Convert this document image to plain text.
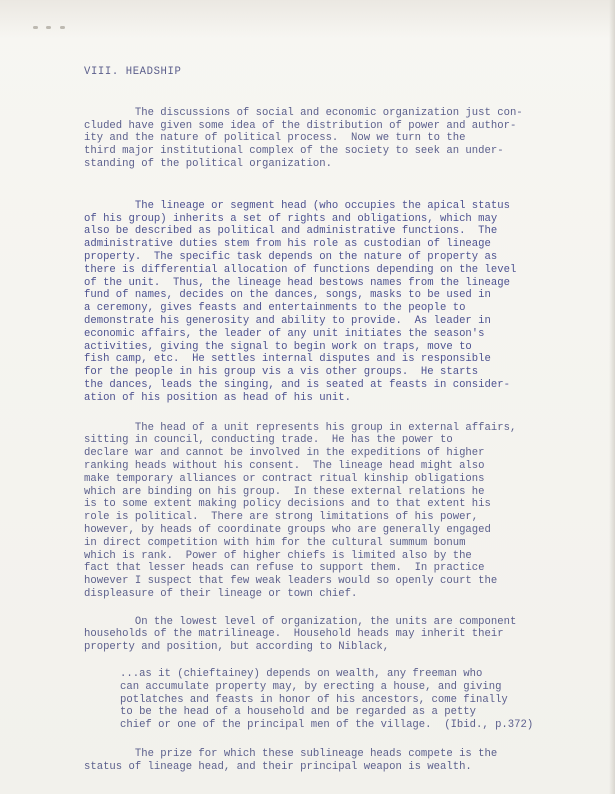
VIII. HEADSHIP
The discussions of social and economic organization just con-
cluded have given some idea of the distribution of power and author-
ity and the nature of political process.  Now we turn to the
third major institutional complex of the society to seek an under-
standing of the political organization.
The lineage or segment head (who occupies the apical status
of his group) inherits a set of rights and obligations, which may
also be described as political and administrative functions.  The
administrative duties stem from his role as custodian of lineage
property.  The specific task depends on the nature of property as
there is differential allocation of functions depending on the level
of the unit.  Thus, the lineage head bestows names from the lineage
fund of names, decides on the dances, songs, masks to be used in
a ceremony, gives feasts and entertainments to the people to
demonstrate his generosity and ability to provide.  As leader in
economic affairs, the leader of any unit initiates the season's
activities, giving the signal to begin work on traps, move to
fish camp, etc.  He settles internal disputes and is responsible
for the people in his group vis a vis other groups.  He starts
the dances, leads the singing, and is seated at feasts in consider-
ation of his position as head of his unit.
The head of a unit represents his group in external affairs,
sitting in council, conducting trade.  He has the power to
declare war and cannot be involved in the expeditions of higher
ranking heads without his consent.  The lineage head might also
make temporary alliances or contract ritual kinship obligations
which are binding on his group.  In these external relations he
is to some extent making policy decisions and to that extent his
role is political.  There are strong limitations of his power,
however, by heads of coordinate groups who are generally engaged
in direct competition with him for the cultural summum bonum
which is rank.  Power of higher chiefs is limited also by the
fact that lesser heads can refuse to support them.  In practice
however I suspect that few weak leaders would so openly court the
displeasure of their lineage or town chief.
On the lowest level of organization, the units are component
households of the matrilineage.  Household heads may inherit their
property and position, but according to Niblack,
...as it (chieftainey) depends on wealth, any freeman who
can accumulate property may, by erecting a house, and giving
potlatches and feasts in honor of his ancestors, come finally
to be the head of a household and be regarded as a petty
chief or one of the principal men of the village.  (Ibid., p.372)
The prize for which these sublineage heads compete is the
status of lineage head, and their principal weapon is wealth.
